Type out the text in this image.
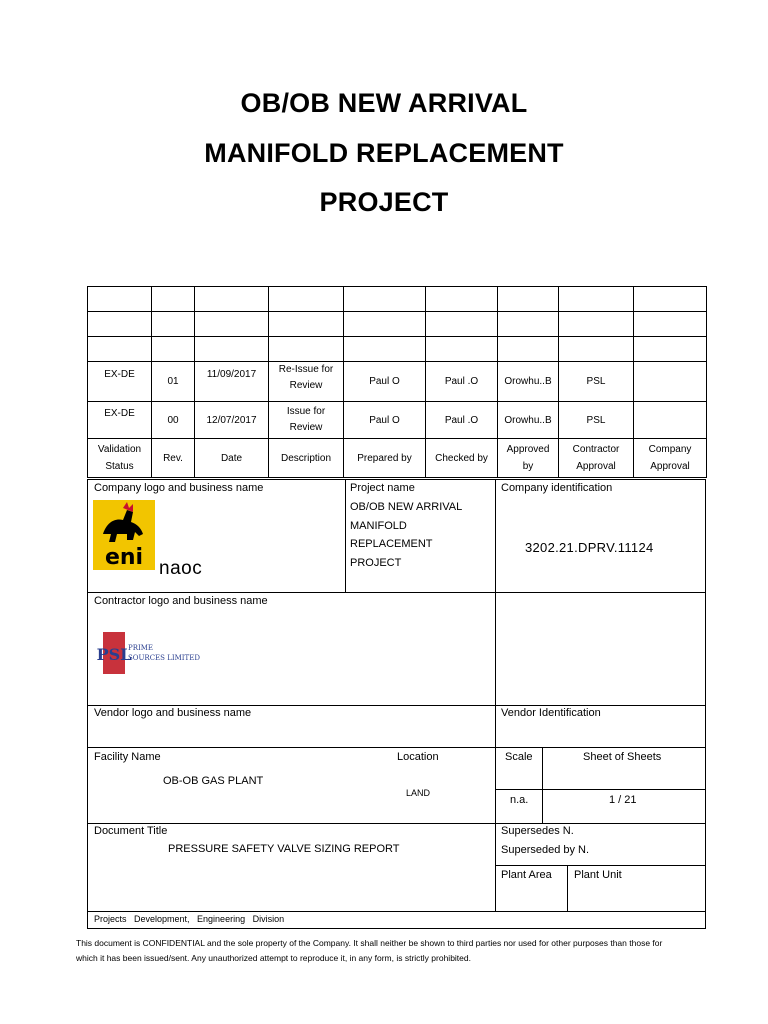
OB/OB NEW ARRIVAL
MANIFOLD REPLACEMENT
PROJECT

EX-DE	01	11/09/2017	Re-Issue for Review	Paul O	Paul .O	Orowhu..B	PSL	
EX-DE	00	12/07/2017	Issue for Review	Paul O	Paul .O	Orowhu..B	PSL	
Validation Status	Rev.	Date	Description	Prepared by	Checked by	Approved by	Contractor Approval	Company Approval
Company logo and business name
eni naoc
Project name
OB/OB NEW ARRIVAL
MANIFOLD
REPLACEMENT
PROJECT
Company identification
3202.21.DPRV.11124
Contractor logo and business name
PSL
PRIME
SOURCES LIMITED
Vendor logo and business name	Vendor Identification
Facility Name
OB-OB GAS PLANT
Location
LAND
Scale	Sheet of Sheets
n.a.	1 / 21
Document Title
PRESSURE SAFETY VALVE SIZING REPORT
Supersedes N.
Superseded by N.
Plant Area Plant Unit
Projects   Development,   Engineering   Division
This document is CONFIDENTIAL and the sole property of the Company. It shall neither be shown to third parties nor used for other purposes than those for
which it has been issued/sent. Any unauthorized attempt to reproduce it, in any form, is strictly prohibited.
